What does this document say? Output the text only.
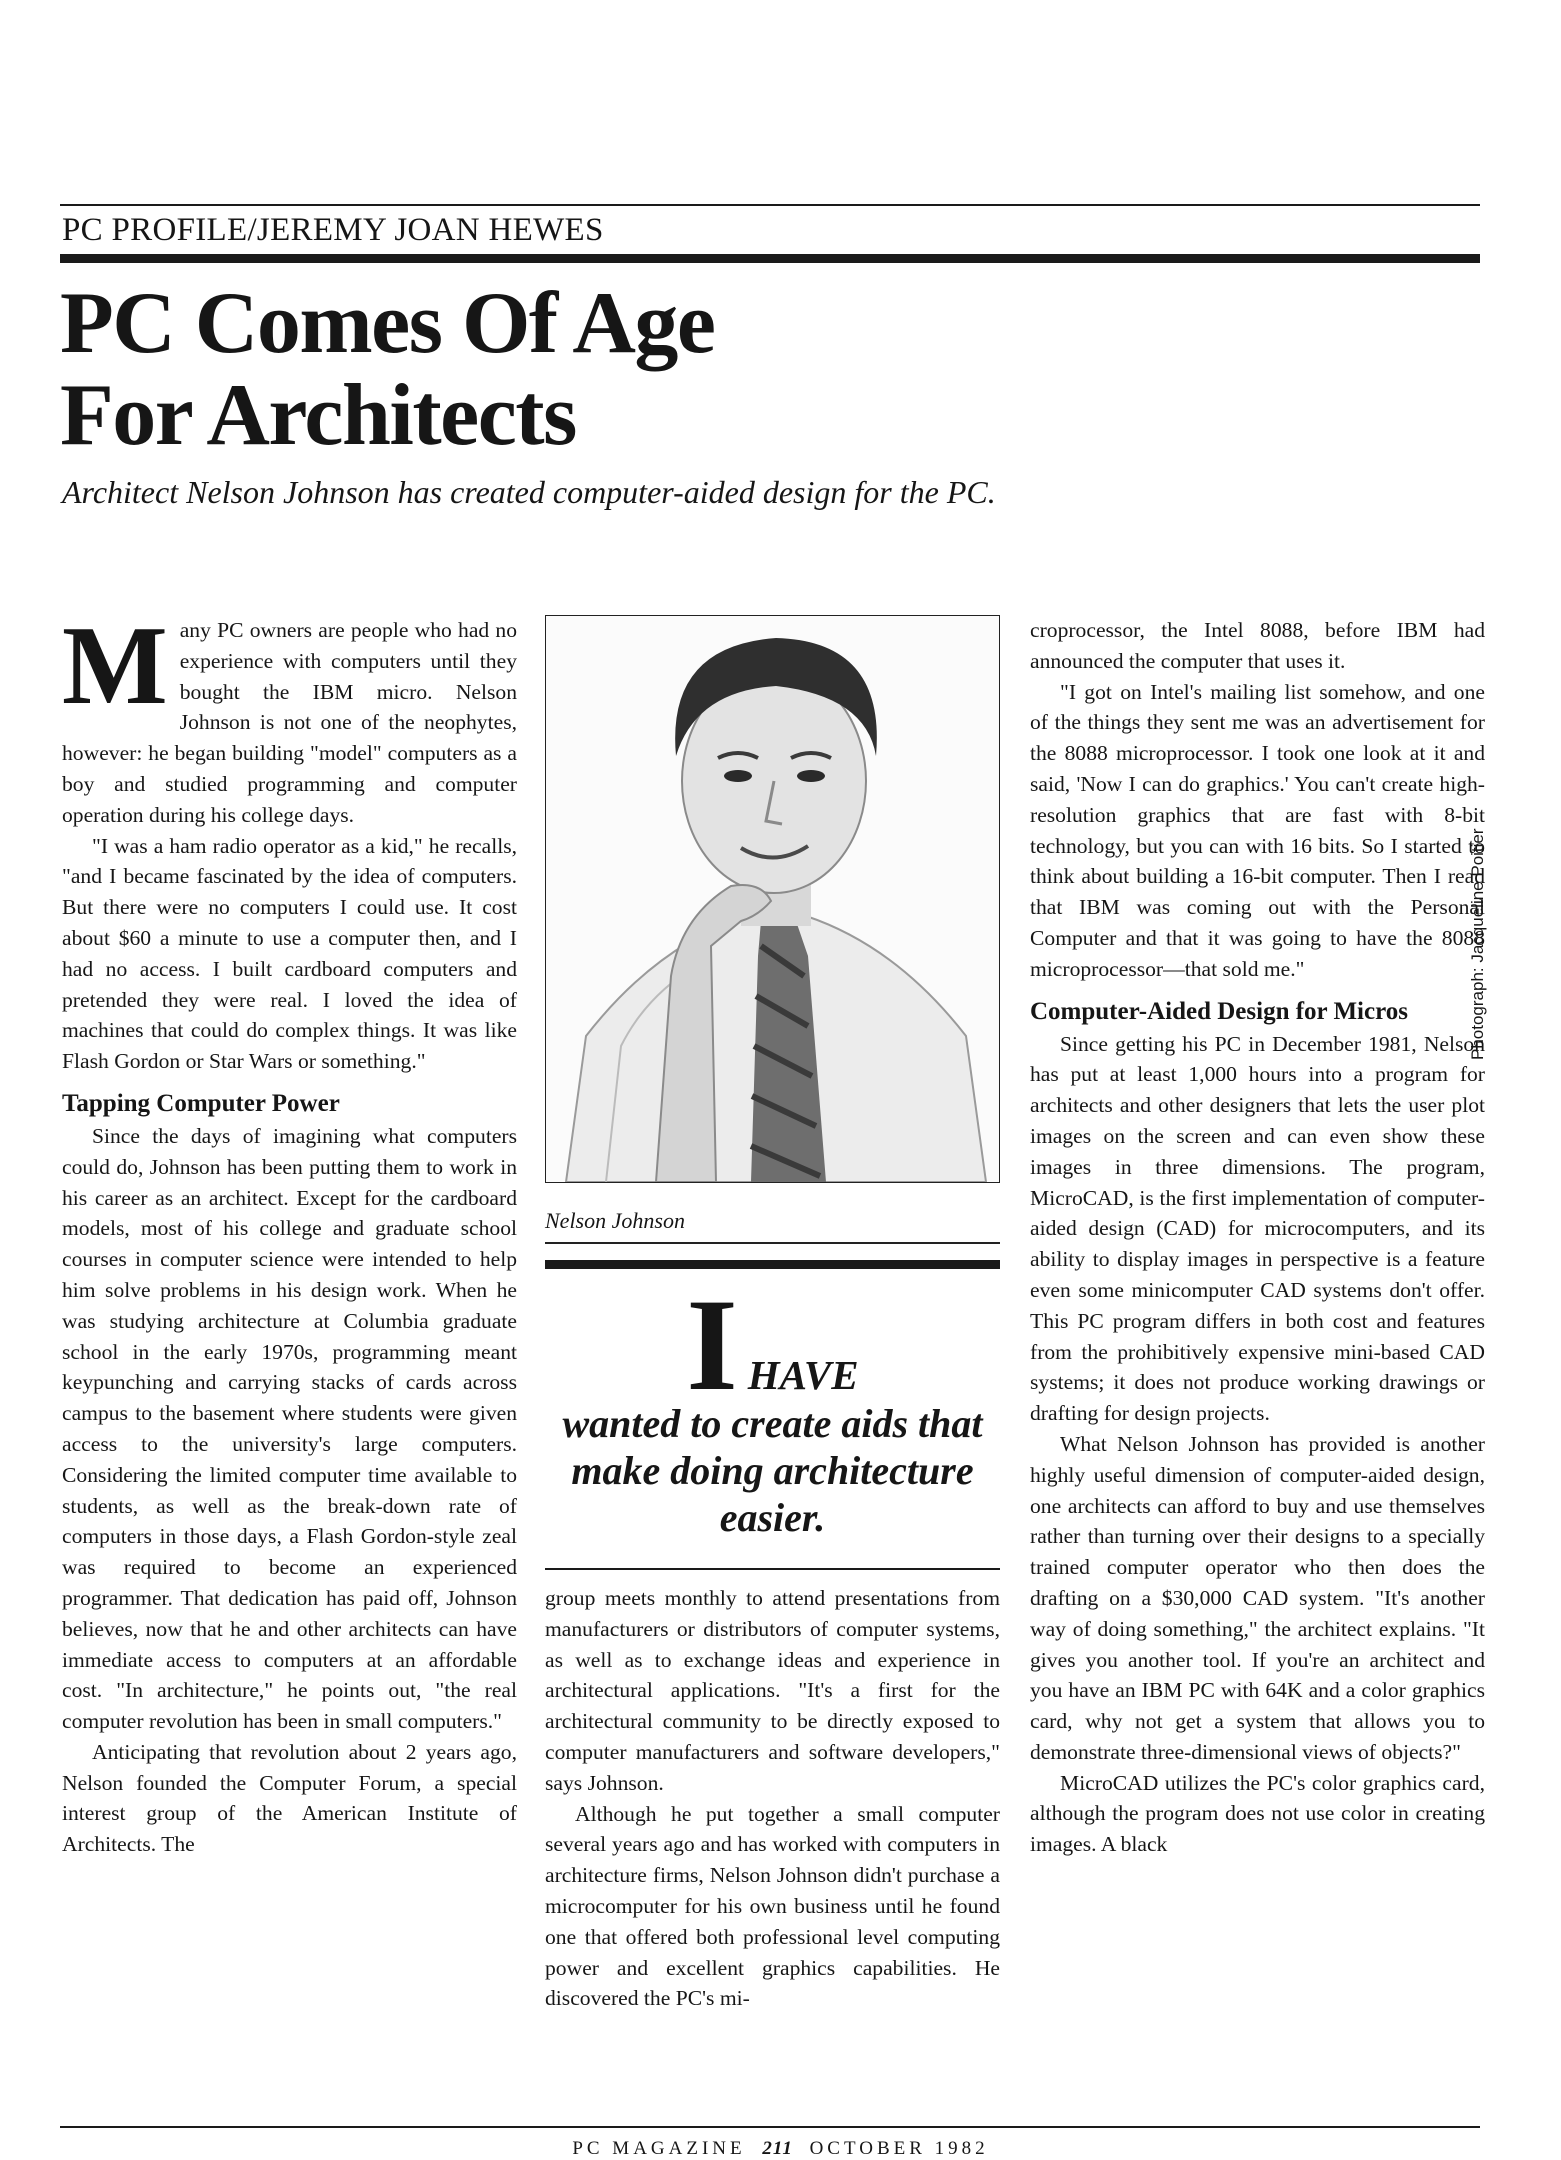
PC PROFILE/JEREMY JOAN HEWES
PC Comes Of Age
For Architects
Architect Nelson Johnson has created computer-aided design for the PC.

Many PC owners are people who had no experience with computers until they bought the IBM micro. Nelson Johnson is not one of the neophytes, however: he began building "model" computers as a boy and studied programming and computer operation during his college days.

"I was a ham radio operator as a kid," he recalls, "and I became fascinated by the idea of computers. But there were no computers I could use. It cost about $60 a minute to use a computer then, and I had no access. I built cardboard computers and pretended they were real. I loved the idea of machines that could do complex things. It was like Flash Gordon or Star Wars or something."

Tapping Computer Power

Since the days of imagining what computers could do, Johnson has been putting them to work in his career as an architect. Except for the cardboard models, most of his college and graduate school courses in computer science were intended to help him solve problems in his design work. When he was studying architecture at Columbia graduate school in the early 1970s, programming meant keypunching and carrying stacks of cards across campus to the basement where students were given access to the university's large computers. Considering the limited computer time available to students, as well as the break-down rate of computers in those days, a Flash Gordon-style zeal was required to become an experienced programmer. That dedication has paid off, Johnson believes, now that he and other architects can have immediate access to computers at an affordable cost. "In architecture," he points out, "the real computer revolution has been in small computers."

Anticipating that revolution about 2 years ago, Nelson founded the Computer Forum, a special interest group of the American Institute of Architects. The

Nelson Johnson
I HAVE
wanted to create aids that make doing architecture easier.

group meets monthly to attend presentations from manufacturers or distributors of computer systems, as well as to exchange ideas and experience in architectural applications. "It's a first for the architectural community to be directly exposed to computer manufacturers and software developers," says Johnson.

Although he put together a small computer several years ago and has worked with computers in architecture firms, Nelson Johnson didn't purchase a microcomputer for his own business until he found one that offered both professional level computing power and excellent graphics capabilities. He discovered the PC's mi-

croprocessor, the Intel 8088, before IBM had announced the computer that uses it.

"I got on Intel's mailing list somehow, and one of the things they sent me was an advertisement for the 8088 microprocessor. I took one look at it and said, 'Now I can do graphics.' You can't create high-resolution graphics that are fast with 8-bit technology, but you can with 16 bits. So I started to think about building a 16-bit computer. Then I read that IBM was coming out with the Personal Computer and that it was going to have the 8088 microprocessor—that sold me."

Computer-Aided Design for Micros

Since getting his PC in December 1981, Nelson has put at least 1,000 hours into a program for architects and other designers that lets the user plot images on the screen and can even show these images in three dimensions. The program, MicroCAD, is the first implementation of computer-aided design (CAD) for microcomputers, and its ability to display images in perspective is a feature even some minicomputer CAD systems don't offer. This PC program differs in both cost and features from the prohibitively expensive mini-based CAD systems; it does not produce working drawings or drafting for design projects.

What Nelson Johnson has provided is another highly useful dimension of computer-aided design, one architects can afford to buy and use themselves rather than turning over their designs to a specially trained computer operator who then does the drafting on a $30,000 CAD system. "It's another way of doing something," the architect explains. "It gives you another tool. If you're an architect and you have an IBM PC with 64K and a color graphics card, why not get a system that allows you to demonstrate three-dimensional views of objects?"

MicroCAD utilizes the PC's color graphics card, although the program does not use color in creating images. A black

Photograph: Jacqueline Poitier
PC MAGAZINE 211 OCTOBER 1982
